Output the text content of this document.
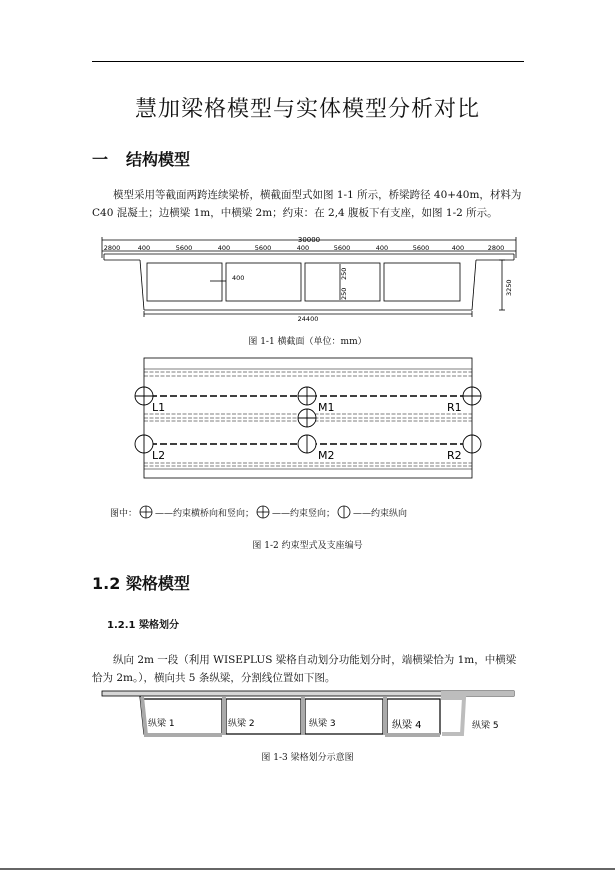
慧加梁格模型与实体模型分析对比
一 结构模型
模型采用等截面两跨连续梁桥，横截面型式如图 1-1 所示，桥梁跨径 40+40m，材料为 C40 混凝土；边横梁 1m，中横梁 2m；约束：在 2,4 腹板下有支座，如图 1-2 所示。
30000
2800	400	5600	400	5600	400	5600	400	5600	400	2800
400	250
250	3250
24400
图 1-1 横截面（单位：mm）
L1	M1	R1
L2	M2	R2
图中： ——约束横桥向和竖向； ——约束竖向； ——约束纵向
图 1-2 约束型式及支座编号
1.2 梁格模型
1.2.1 梁格划分
纵向 2m 一段（利用 WISEPLUS 梁格自动划分功能划分时，端横梁恰为 1m，中横梁恰为 2m。），横向共 5 条纵梁，分割线位置如下图。
纵梁 1	纵梁 2	纵梁 3	纵梁 4	纵梁 5
图 1-3 梁格划分示意图
